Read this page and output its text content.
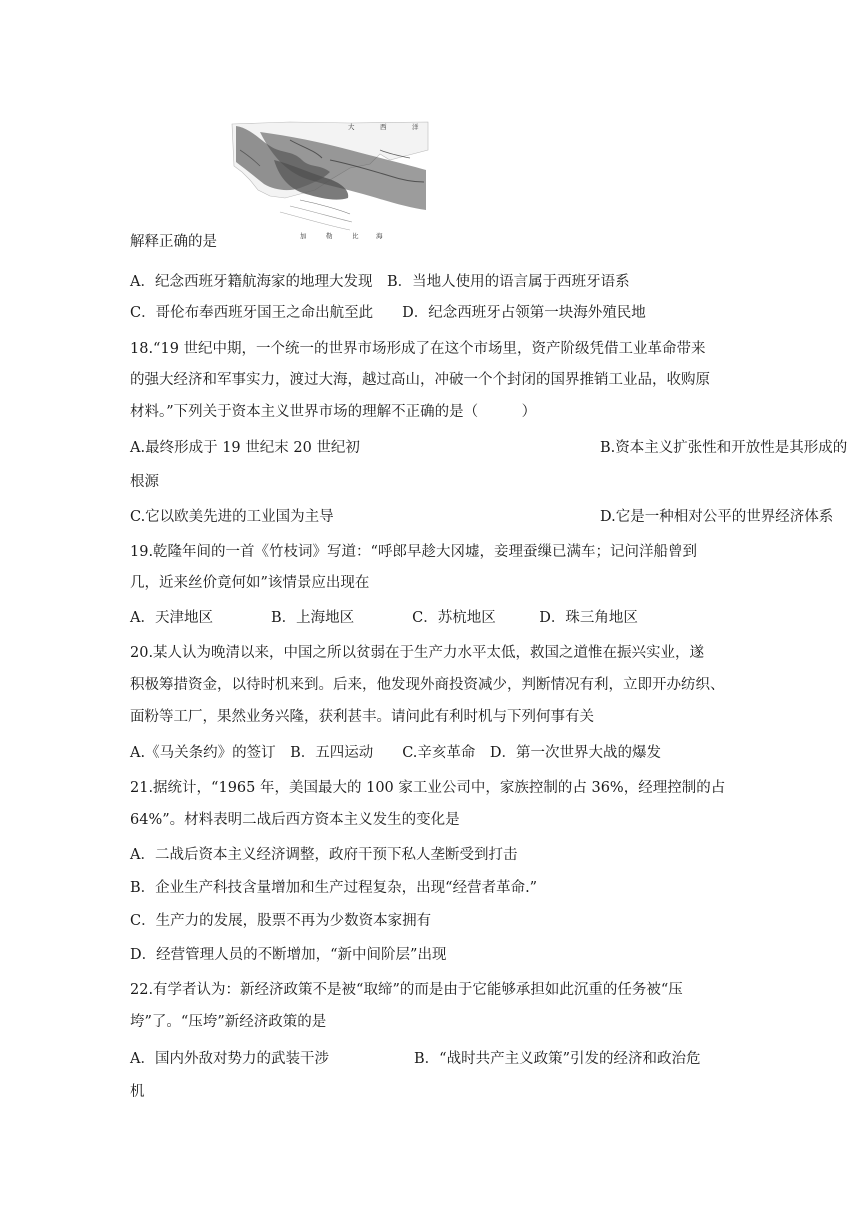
大	西	洋
加	勒	比	海
解释正确的是
A．纪念西班牙籍航海家的地理大发现　 B．当地人使用的语言属于西班牙语系
C．哥伦布奉西班牙国王之命出航至此　　 D．纪念西班牙占领第一块海外殖民地
18.“19 世纪中期，一个统一的世界市场形成了在这个市场里，资产阶级凭借工业革命带来
的强大经济和军事实力，渡过大海，越过高山，冲破一个个封闭的国界推销工业品，收购原
材料。”下列关于资本主义世界市场的理解不正确的是（　　　）
A.最终形成于 19 世纪末 20 世纪初	B.资本主义扩张性和开放性是其形成的
根源
C.它以欧美先进的工业国为主导	D.它是一种相对公平的世界经济体系
19.乾隆年间的一首《竹枝词》写道：“呼郎早趁大冈墟，妾理蚕缫已满车；记问洋船曾到
几，近来丝价竟何如”该情景应出现在
A．天津地区　　　　B．上海地区　　　　C．苏杭地区　　　D．珠三角地区
20.某人认为晚清以来，中国之所以贫弱在于生产力水平太低，救国之道惟在振兴实业，遂
积极筹措资金，以待时机来到。后来，他发现外商投资减少，判断情况有利，立即开办纺织、
面粉等工厂，果然业务兴隆，获利甚丰。请问此有利时机与下列何事有关
A.《马关条约》的签订　B．五四运动　　C.辛亥革命　D．第一次世界大战的爆发
21.据统计，“1965 年，美国最大的 100 家工业公司中，家族控制的占 36%，经理控制的占
64%”。材料表明二战后西方资本主义发生的变化是
A．二战后资本主义经济调整，政府干预下私人垄断受到打击
B．企业生产科技含量增加和生产过程复杂，出现“经营者革命.”
C．生产力的发展，股票不再为少数资本家拥有
D．经营管理人员的不断增加，“新中间阶层”出现
22.有学者认为：新经济政策不是被“取缔”的而是由于它能够承担如此沉重的任务被“压
垮”了。“压垮”新经济政策的是
A．国内外敌对势力的武装干涉	B．“战时共产主义政策”引发的经济和政治危
机
